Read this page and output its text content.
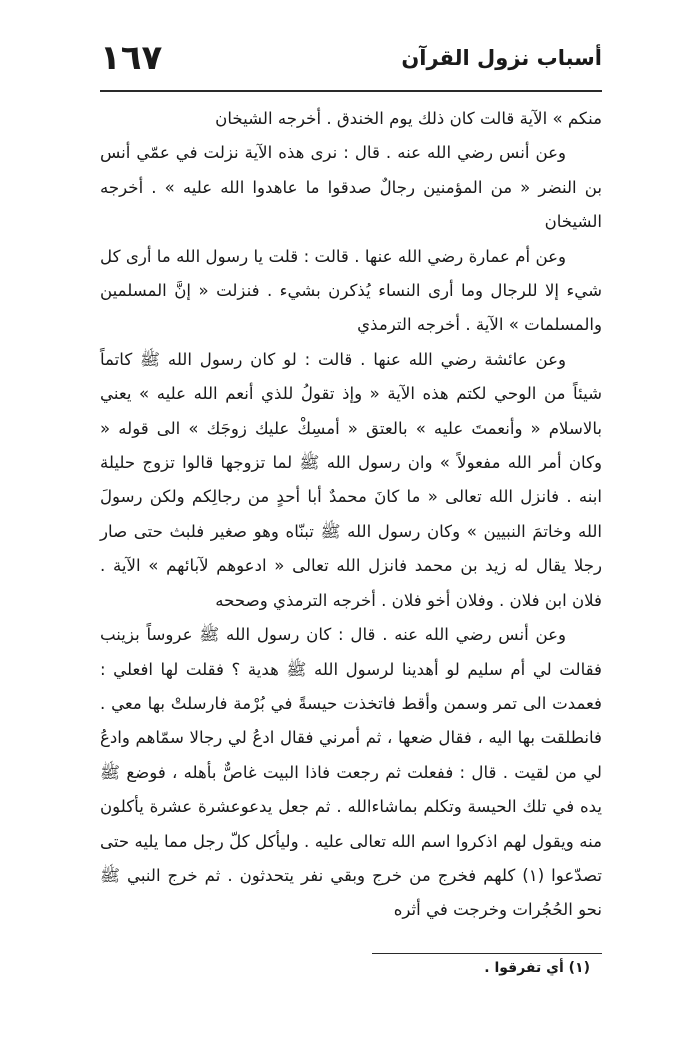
أسباب نزول القرآن
١٦٧

منكم » الآية قالت كان ذلك يوم الخندق . أخرجه الشيخان

وعن أنس رضي الله عنه . قال : نرى هذه الآية نزلت في عمّي أنس بن النضر « من المؤمنين رجالٌ صدقوا ما عاهدوا الله عليه » . أخرجه الشيخان

وعن أم عمارة رضي الله عنها . قالت : قلت يا رسول الله ما أرى كل شيء إلا للرجال وما أرى النساء يُذكرن بشيء . فنزلت « إنَّ المسلمين والمسلمات » الآية . أخرجه الترمذي

وعن عائشة رضي الله عنها . قالت : لو كان رسول الله ﷺ كاتماً شيئاً من الوحي لكتم هذه الآية « وإذ تقولُ للذي أنعم الله عليه » يعني بالاسلام « وأنعمتَ عليه » بالعتق « أمسِكْ عليك زوجَك » الى قوله « وكان أمر الله مفعولاً » وان رسول الله ﷺ لما تزوجها قالوا تزوج حليلة ابنه . فانزل الله تعالى « ما كانَ محمدٌ أبا أحدٍ من رجالِكم ولكن رسولَ الله وخاتمَ النبيين » وكان رسول الله ﷺ تبنّاه وهو صغير فلبث حتى صار رجلا يقال له زيد بن محمد فانزل الله تعالى « ادعوهم لآبائهم » الآية . فلان ابن فلان . وفلان أخو فلان . أخرجه الترمذي وصححه

وعن أنس رضي الله عنه . قال : كان رسول الله ﷺ عروساً بزينب فقالت لي أم سليم لو أهدينا لرسول الله ﷺ هدية ؟ فقلت لها افعلي : فعمدت الى تمر وسمن وأقط فاتخذت حيسةً في بُرْمة فارسلتْ بها معي . فانطلقت بها اليه ، فقال ضعها ، ثم أمرني فقال ادعُ لي رجالا سمّاهم وادعُ لي من لقيت . قال : ففعلت ثم رجعت فاذا البيت غاصٌّ بأهله ، فوضع ﷺ يده في تلك الحيسة وتكلم بماشاءالله . ثم جعل يدعوعشرة عشرة يأكلون منه ويقول لهم اذكروا اسم الله تعالى عليه . وليأكل كلّ رجل مما يليه حتى تصدّعوا (١) كلهم فخرج من خرج وبقي نفر يتحدثون . ثم خرج النبي ﷺ نحو الحُجُرات وخرجت في أثره

(١) أي تفرقوا .
